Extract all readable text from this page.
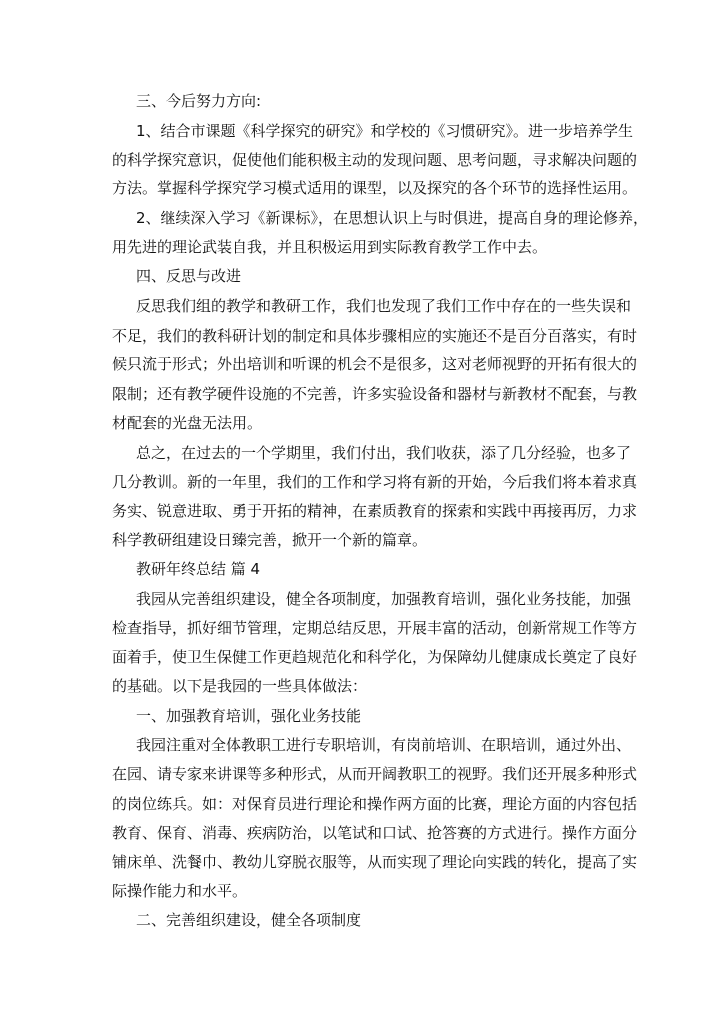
三、今后努力方向:
1、结合市课题《科学探究的研究》和学校的《习惯研究》。进一步培养学生
的科学探究意识，促使他们能积极主动的发现问题、思考问题，寻求解决问题的
方法。掌握科学探究学习模式适用的课型，以及探究的各个环节的选择性运用。
2、继续深入学习《新课标》，在思想认识上与时俱进，提高自身的理论修养，
用先进的理论武装自我，并且积极运用到实际教育教学工作中去。
四、反思与改进
反思我们组的教学和教研工作，我们也发现了我们工作中存在的一些失误和
不足，我们的教科研计划的制定和具体步骤相应的实施还不是百分百落实，有时
候只流于形式；外出培训和听课的机会不是很多，这对老师视野的开拓有很大的
限制；还有教学硬件设施的不完善，许多实验设备和器材与新教材不配套，与教
材配套的光盘无法用。
总之，在过去的一个学期里，我们付出，我们收获，添了几分经验，也多了
几分教训。新的一年里，我们的工作和学习将有新的开始，今后我们将本着求真
务实、锐意进取、勇于开拓的精神，在素质教育的探索和实践中再接再厉，力求
科学教研组建设日臻完善，掀开一个新的篇章。
教研年终总结 篇 4
我园从完善组织建设，健全各项制度，加强教育培训，强化业务技能，加强
检查指导，抓好细节管理，定期总结反思，开展丰富的活动，创新常规工作等方
面着手，使卫生保健工作更趋规范化和科学化，为保障幼儿健康成长奠定了良好
的基础。以下是我园的一些具体做法：
一、加强教育培训，强化业务技能
我园注重对全体教职工进行专职培训，有岗前培训、在职培训，通过外出、
在园、请专家来讲课等多种形式，从而开阔教职工的视野。我们还开展多种形式
的岗位练兵。如：对保育员进行理论和操作两方面的比赛，理论方面的内容包括
教育、保育、消毒、疾病防治，以笔试和口试、抢答赛的方式进行。操作方面分
铺床单、洗餐巾、教幼儿穿脱衣服等，从而实现了理论向实践的转化，提高了实
际操作能力和水平。
二、完善组织建设，健全各项制度
